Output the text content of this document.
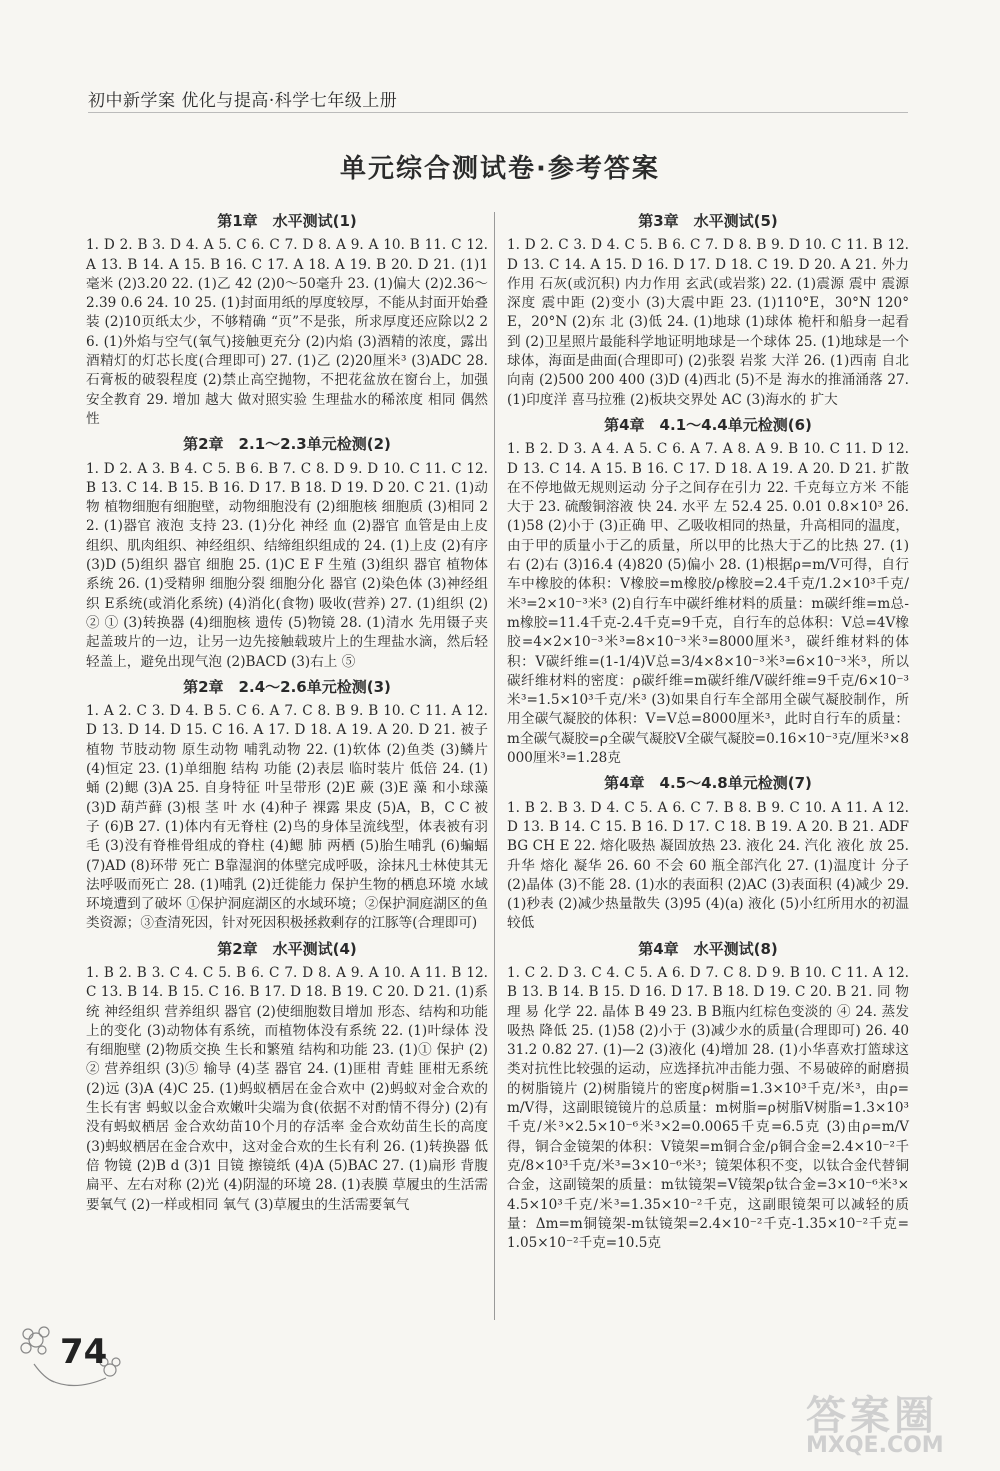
初中新学案 优化与提高·科学七年级上册
单元综合测试卷·参考答案
第1章　水平测试(1)
1. D 2. B 3. D 4. A 5. C 6. C 7. D 8. A 9. A 10. B 11. C 12. A 13. B 14. A 15. B 16. C 17. A 18. A 19. B 20. D 21. (1)1毫米 (2)3.20 22. (1)乙 42 (2)0～50毫升 23. (1)偏大 (2)2.36～2.39 0.6 24. 10 25. (1)封面用纸的厚度较厚，不能从封面开始叠装 (2)10页纸太少，不够精确 “页”不是张，所求厚度还应除以2 26. (1)外焰与空气(氧气)接触更充分 (2)内焰 (3)酒精的浓度，露出酒精灯的灯芯长度(合理即可) 27. (1)乙 (2)20厘米³ (3)ADC 28. 石膏板的破裂程度 (2)禁止高空抛物，不把花盆放在窗台上，加强安全教育 29. 增加 越大 做对照实验 生理盐水的稀浓度 相同 偶然性
第2章　2.1～2.3单元检测(2)
1. D 2. A 3. B 4. C 5. B 6. B 7. C 8. D 9. D 10. C 11. C 12. B 13. C 14. B 15. B 16. D 17. B 18. D 19. D 20. C 21. (1)动物 植物细胞有细胞壁，动物细胞没有 (2)细胞核 细胞质 (3)相同 22. (1)器官 液泡 支持 23. (1)分化 神经 血 (2)器官 血管是由上皮组织、肌肉组织、神经组织、结缔组织组成的 24. (1)上皮 (2)有序 (3)D (5)组织 器官 细胞 25. (1)C E F 生殖 (3)组织 器官 植物体 系统 26. (1)受精卵 细胞分裂 细胞分化 器官 (2)染色体 (3)神经组织 E系统(或消化系统) (4)消化(食物) 吸收(营养) 27. (1)组织 (2)② ① (3)转换器 (4)细胞核 遗传 (5)物镜 28. (1)清水 先用镊子夹起盖玻片的一边，让另一边先接触载玻片上的生理盐水滴，然后轻轻盖上，避免出现气泡 (2)BACD (3)右上 ⑤
第2章　2.4～2.6单元检测(3)
1. A 2. C 3. D 4. B 5. C 6. A 7. C 8. B 9. B 10. C 11. A 12. D 13. D 14. D 15. C 16. A 17. D 18. A 19. A 20. D 21. 被子植物 节肢动物 原生动物 哺乳动物 22. (1)软体 (2)鱼类 (3)鳞片 (4)恒定 23. (1)单细胞 结构 功能 (2)表层 临时装片 低倍 24. (1)蛹 (2)鳃 (3)A 25. 自身特征 叶呈带形 (2)E 蕨 (3)E 藻 和小球藻 (3)D 葫芦藓 (3)根 茎 叶 水 (4)种子 裸露 果皮 (5)A，B，C C 被子 (6)B 27. (1)体内有无脊柱 (2)鸟的身体呈流线型，体表被有羽毛 (3)没有脊椎骨组成的脊柱 (4)鳃 肺 两栖 (5)胎生哺乳 (6)蝙蝠 (7)AD (8)环带 死亡 B靠湿润的体壁完成呼吸，涂抹凡士林使其无法呼吸而死亡 28. (1)哺乳 (2)迁徙能力 保护生物的栖息环境 水域环境遭到了破坏 ①保护洞庭湖区的水域环境；②保护洞庭湖区的鱼类资源；③查清死因，针对死因积极拯救剩存的江豚等(合理即可)
第2章　水平测试(4)
1. B 2. B 3. C 4. C 5. B 6. C 7. D 8. A 9. A 10. A 11. B 12. C 13. B 14. B 15. C 16. B 17. D 18. B 19. C 20. D 21. (1)系统 神经组织 营养组织 器官 (2)使细胞数目增加 形态、结构和功能上的变化 (3)动物体有系统，而植物体没有系统 22. (1)叶绿体 没有细胞壁 (2)物质交换 生长和繁殖 结构和功能 23. (1)① 保护 (2)② 营养组织 (3)⑤ 输导 (4)茎 器官 24. (1)匪柑 青蛙 匪柑无系统 (2)远 (3)A (4)C 25. (1)蚂蚁栖居在金合欢中 (2)蚂蚁对金合欢的生长有害 蚂蚁以金合欢嫩叶尖端为食(依据不对酌情不得分) (2)有没有蚂蚁栖居 金合欢幼苗10个月的存活率 金合欢幼苗生长的高度 (3)蚂蚁栖居在金合欢中，这对金合欢的生长有利 26. (1)转换器 低倍 物镜 (2)B d (3)1 目镜 擦镜纸 (4)A (5)BAC 27. (1)扁形 背腹扁平、左右对称 (2)光 (4)阴湿的环境 28. (1)表膜 草履虫的生活需要氧气 (2)一样或相同 氧气 (3)草履虫的生活需要氧气
第3章　水平测试(5)
1. D 2. C 3. D 4. C 5. B 6. C 7. D 8. B 9. D 10. C 11. B 12. D 13. C 14. A 15. D 16. D 17. D 18. C 19. D 20. A 21. 外力作用 石灰(或沉积) 内力作用 玄武(或岩浆) 22. (1)震源 震中 震源深度 震中距 (2)变小 (3)大震中距 23. (1)110°E，30°N 120°E，20°N (2)东 北 (3)低 24. (1)地球 (1)球体 桅杆和船身一起看到 (2)卫星照片最能科学地证明地球是一个球体 25. (1)地球是一个球体，海面是曲面(合理即可) (2)张裂 岩浆 大洋 26. (1)西南 自北向南 (2)500 200 400 (3)D (4)西北 (5)不是 海水的推涌涌落 27. (1)印度洋 喜马拉雅 (2)板块交界处 AC (3)海水的 扩大
第4章　4.1～4.4单元检测(6)
1. B 2. D 3. A 4. A 5. C 6. A 7. A 8. A 9. B 10. C 11. D 12. D 13. C 14. A 15. B 16. C 17. D 18. A 19. A 20. D 21. 扩散 在不停地做无规则运动 分子之间存在引力 22. 千克每立方米 不能 大于 23. 硫酸铜溶液 快 24. 水平 左 52.4 25. 0.01 0.8×10³ 26. (1)58 (2)小于 (3)正确 甲、乙吸收相同的热量，升高相同的温度，由于甲的质量小于乙的质量，所以甲的比热大于乙的比热 27. (1)右 (2)右 (3)16.4 (4)820 (5)偏小 28. (1)根据ρ=m/V可得，自行车中橡胶的体积：V橡胶=m橡胶/ρ橡胶=2.4千克/1.2×10³千克/米³=2×10⁻³米³ (2)自行车中碳纤维材料的质量：m碳纤维=m总-m橡胶=11.4千克-2.4千克=9千克，自行车的总体积：V总=4V橡胶=4×2×10⁻³米³=8×10⁻³米³=8000厘米³，碳纤维材料的体积：V碳纤维=(1-1/4)V总=3/4×8×10⁻³米³=6×10⁻³米³，所以碳纤维材料的密度：ρ碳纤维=m碳纤维/V碳纤维=9千克/6×10⁻³米³=1.5×10³千克/米³ (3)如果自行车全部用全碳气凝胶制作，所用全碳气凝胶的体积：V=V总=8000厘米³，此时自行车的质量：m全碳气凝胶=ρ全碳气凝胶V全碳气凝胶=0.16×10⁻³克/厘米³×8000厘米³=1.28克
第4章　4.5～4.8单元检测(7)
1. B 2. B 3. D 4. C 5. A 6. C 7. B 8. B 9. C 10. A 11. A 12. D 13. B 14. C 15. B 16. D 17. C 18. B 19. A 20. B 21. ADF BG CH E 22. 熔化吸热 凝固放热 23. 液化 24. 汽化 液化 放 25. 升华 熔化 凝华 26. 60 不会 60 瓶全部汽化 27. (1)温度计 分子 (2)晶体 (3)不能 28. (1)水的表面积 (2)AC (3)表面积 (4)减少 29. (1)秒表 (2)减少热量散失 (3)95 (4)(a) 液化 (5)小红所用水的初温较低
第4章　水平测试(8)
1. C 2. D 3. C 4. C 5. A 6. D 7. C 8. D 9. B 10. C 11. A 12. B 13. B 14. B 15. D 16. D 17. B 18. D 19. C 20. B 21. 同 物理 易 化学 22. 晶体 B 49 23. B B瓶内红棕色变淡的 ④ 24. 蒸发 吸热 降低 25. (1)58 (2)小于 (3)减少水的质量(合理即可) 26. 40 31.2 0.82 27. (1)—2 (3)液化 (4)增加 28. (1)小华喜欢打篮球这类对抗性比较强的运动，应选择抗冲击能力强、不易破碎的耐磨损的树脂镜片 (2)树脂镜片的密度ρ树脂=1.3×10³千克/米³，由ρ=m/V得，这副眼镜镜片的总质量：m树脂=ρ树脂V树脂=1.3×10³千克/米³×2.5×10⁻⁶米³×2=0.0065千克=6.5克 (3)由ρ=m/V得，铜合金镜架的体积：V镜架=m铜合金/ρ铜合金=2.4×10⁻²千克/8×10³千克/米³=3×10⁻⁶米³；镜架体积不变，以钛合金代替铜合金，这副镜架的质量：m钛镜架=V镜架ρ钛合金=3×10⁻⁶米³×4.5×10³千克/米³=1.35×10⁻²千克，这副眼镜架可以减轻的质量：Δm=m铜镜架-m钛镜架=2.4×10⁻²千克-1.35×10⁻²千克=1.05×10⁻²千克=10.5克
74
答案圈
MXQE.COM
